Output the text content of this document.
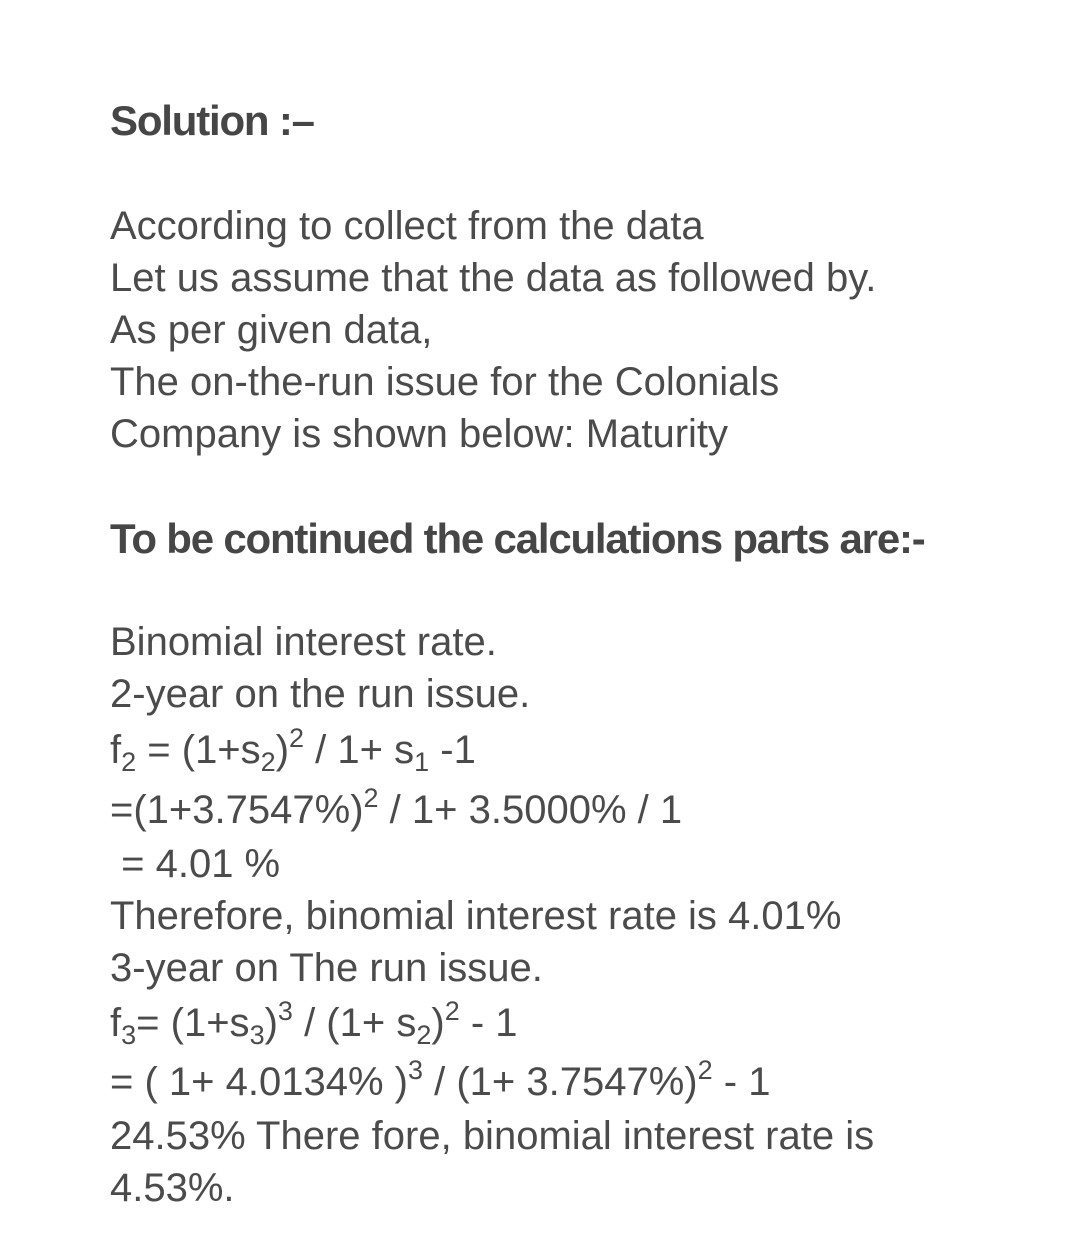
Solution :–
According to collect from the data
Let us assume that the data as followed by.
As per given data,
The on-the-run issue for the Colonials
Company is shown below: Maturity
To be continued the calculations parts are:-
Binomial interest rate.
2-year on the run issue.
$f_2 = (1+s_2)^2 / 1+ s_1$ -1
$=(1+3.7547\%)^2 / 1+ 3.5000\% / 1$
= 4.01 %
Therefore, binomial interest rate is 4.01%
3-year on The run issue.
$f_3= (1+s_3)^3 / (1+ s_2)^2 - 1$
= ( 1+ 4.0134% )$^3 / (1+ 3.7547\%)^2 - 1$
24.53% There fore, binomial interest rate is
4.53%.
